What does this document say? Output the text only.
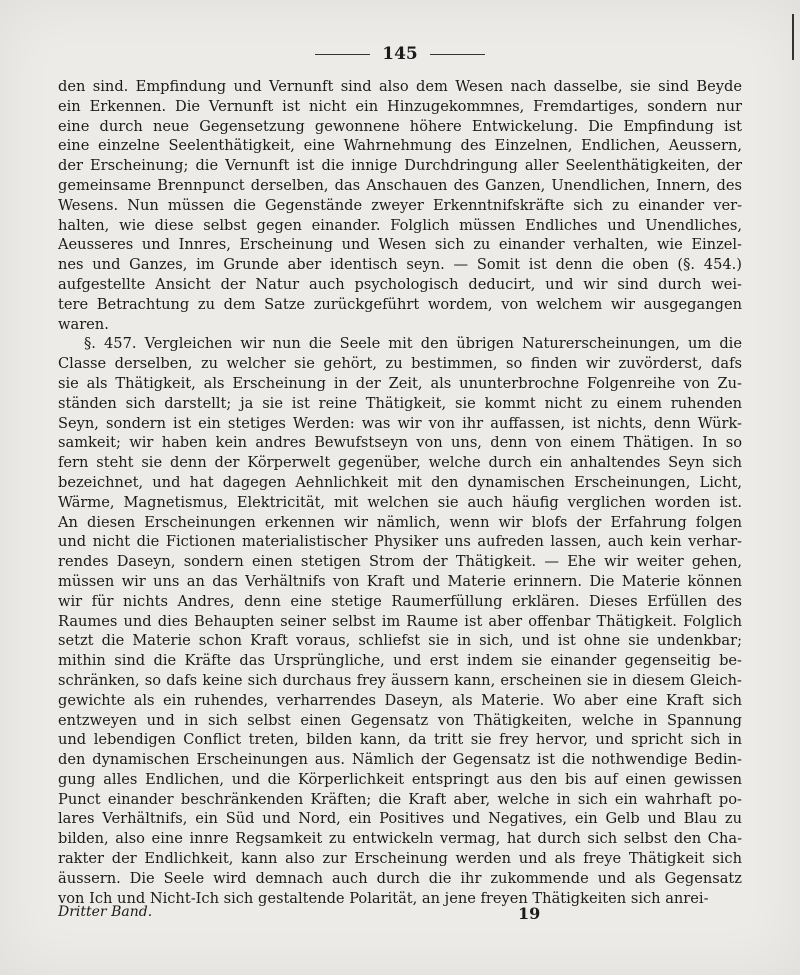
145
den sind. Empfindung und Vernunft sind also dem Wesen nach dasselbe, sie sind Beyde
ein Erkennen. Die Vernunft ist nicht ein Hinzugekommnes, Fremdartiges, sondern nur
eine durch neue Gegensetzung gewonnene höhere Entwickelung. Die Empfindung ist
eine einzelne Seelenthätigkeit, eine Wahrnehmung des Einzelnen, Endlichen, Aeussern,
der Erscheinung; die Vernunft ist die innige Durchdringung aller Seelenthätigkeiten, der
gemeinsame Brennpunct derselben, das Anschauen des Ganzen, Unendlichen, Innern, des
Wesens. Nun müssen die Gegenstände zweyer Erkenntnifskräfte sich zu einander ver-
halten, wie diese selbst gegen einander. Folglich müssen Endliches und Unendliches,
Aeusseres und Innres, Erscheinung und Wesen sich zu einander verhalten, wie Einzel-
nes und Ganzes, im Grunde aber identisch seyn. — Somit ist denn die oben (§. 454.)
aufgestellte Ansicht der Natur auch psychologisch deducirt, und wir sind durch wei-
tere Betrachtung zu dem Satze zurückgeführt wordem, von welchem wir ausgegangen
waren.
§. 457. Vergleichen wir nun die Seele mit den übrigen Naturerscheinungen, um die
Classe derselben, zu welcher sie gehört, zu bestimmen, so finden wir zuvörderst, dafs
sie als Thätigkeit, als Erscheinung in der Zeit, als ununterbrochne Folgenreihe von Zu-
ständen sich darstellt; ja sie ist reine Thätigkeit, sie kommt nicht zu einem ruhenden
Seyn, sondern ist ein stetiges Werden: was wir von ihr auffassen, ist nichts, denn Würk-
samkeit; wir haben kein andres Bewufstseyn von uns, denn von einem Thätigen. In so
fern steht sie denn der Körperwelt gegenüber, welche durch ein anhaltendes Seyn sich
bezeichnet, und hat dagegen Aehnlichkeit mit den dynamischen Erscheinungen, Licht,
Wärme, Magnetismus, Elektricität, mit welchen sie auch häufig verglichen worden ist.
An diesen Erscheinungen erkennen wir nämlich, wenn wir blofs der Erfahrung folgen
und nicht die Fictionen materialistischer Physiker uns aufreden lassen, auch kein verhar-
rendes Daseyn, sondern einen stetigen Strom der Thätigkeit. — Ehe wir weiter gehen,
müssen wir uns an das Verhältnifs von Kraft und Materie erinnern. Die Materie können
wir für nichts Andres, denn eine stetige Raumerfüllung erklären. Dieses Erfüllen des
Raumes und dies Behaupten seiner selbst im Raume ist aber offenbar Thätigkeit. Folglich
setzt die Materie schon Kraft voraus, schliefst sie in sich, und ist ohne sie undenkbar;
mithin sind die Kräfte das Ursprüngliche, und erst indem sie einander gegenseitig be-
schränken, so dafs keine sich durchaus frey äussern kann, erscheinen sie in diesem Gleich-
gewichte als ein ruhendes, verharrendes Daseyn, als Materie. Wo aber eine Kraft sich
entzweyen und in sich selbst einen Gegensatz von Thätigkeiten, welche in Spannung
und lebendigen Conflict treten, bilden kann, da tritt sie frey hervor, und spricht sich in
den dynamischen Erscheinungen aus. Nämlich der Gegensatz ist die nothwendige Bedin-
gung alles Endlichen, und die Körperlichkeit entspringt aus den bis auf einen gewissen
Punct einander beschränkenden Kräften; die Kraft aber, welche in sich ein wahrhaft po-
lares Verhältnifs, ein Süd und Nord, ein Positives und Negatives, ein Gelb und Blau zu
bilden, also eine innre Regsamkeit zu entwickeln vermag, hat durch sich selbst den Cha-
rakter der Endlichkeit, kann also zur Erscheinung werden und als freye Thätigkeit sich
äussern. Die Seele wird demnach auch durch die ihr zukommende und als Gegensatz
von Ich und Nicht-Ich sich gestaltende Polarität, an jene freyen Thätigkeiten sich anrei-
Dritter Band.	19
